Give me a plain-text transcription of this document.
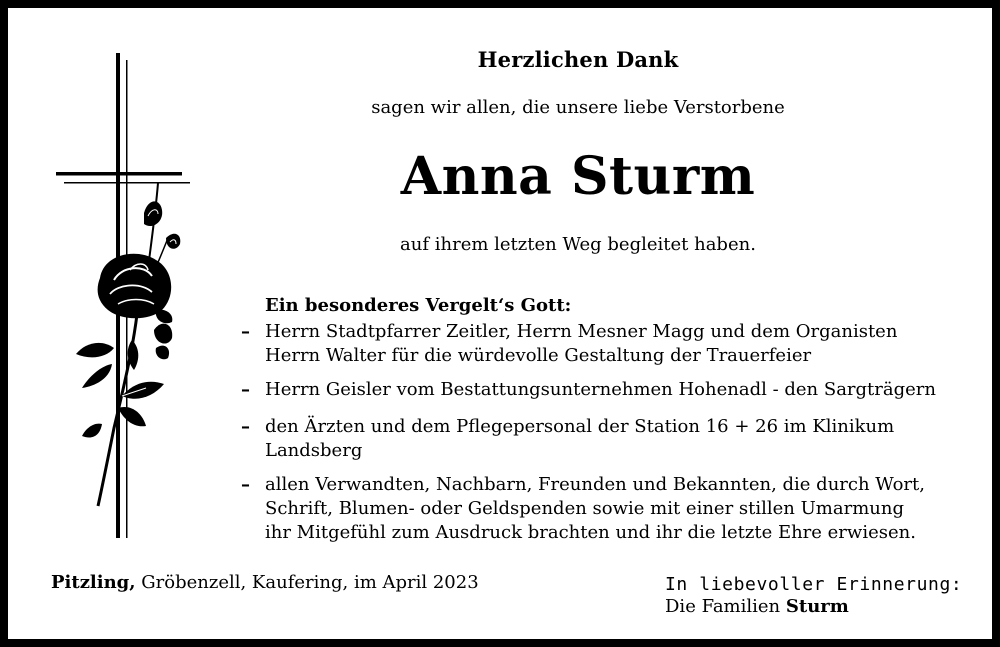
Herzlichen Dank
sagen wir allen, die unsere liebe Verstorbene
Anna Sturm
auf ihrem letzten Weg begleitet haben.
Ein besonderes Vergelt‘s Gott:
– Herrn Stadtpfarrer Zeitler, Herrn Mesner Magg und dem Organisten
Herrn Walter für die würdevolle Gestaltung der Trauerfeier
– Herrn Geisler vom Bestattungsunternehmen Hohenadl - den Sargträgern
– den Ärzten und dem Pflegepersonal der Station 16 + 26 im Klinikum
Landsberg
– allen Verwandten, Nachbarn, Freunden und Bekannten, die durch Wort,
Schrift, Blumen- oder Geldspenden sowie mit einer stillen Umarmung
ihr Mitgefühl zum Ausdruck brachten und ihr die letzte Ehre erwiesen.
Pitzling, Gröbenzell, Kaufering, im April 2023	In liebevoller Erinnerung:
Die Familien Sturm
